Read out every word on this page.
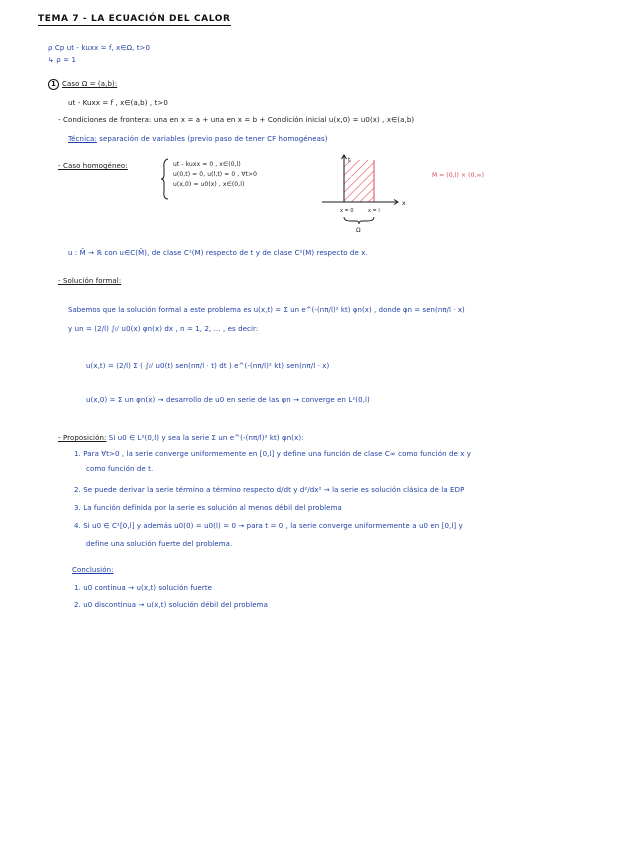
TEMA 7 - LA ECUACIÓN DEL CALOR
ρ Cp ut - kuxx = f, x∈Ω, t>0
↳ ρ = 1
1 Caso Ω = (a,b):
ut - Kuxx = f , x∈(a,b) , t>0
- Condiciones de frontera: una en x = a + una en x = b + Condición inicial u(x,0) = u0(x) , x∈(a,b)
Técnica: separación de variables (previo paso de tener CF homogéneas)
- Caso homogéneo:	ut - kuxx = 0 , x∈(0,l)
u(0,t) = 0, u(l,t) = 0 , ∀t>0
u(x,0) = u0(x) , x∈(0,l)
t
x
M
x = 0	x = l
Ω
M = (0,l) × (0,∞)
u : M̄ → ℝ con u∈C(M̄), de clase C¹(M) respecto de t y de clase C²(M) respecto de x.
- Solución formal:
Sabemos que la solución formal a este problema es u(x,t) = Σ un e^(-(nπ/l)² kt) φn(x) , donde φn = sen(nπ/l · x)
y un = (2/l) ∫₀ˡ u0(x) φn(x) dx , n = 1, 2, ... , es decir:
u(x,t) = (2/l) Σ ( ∫₀ˡ u0(t) sen(nπ/l · t) dt ) e^(-(nπ/l)² kt) sen(nπ/l · x)
u(x,0) = Σ un φn(x) → desarrollo de u0 en serie de las φn → converge en L²(0,l)
- Proposición: Si u0 ∈ L²(0,l) y sea la serie Σ un e^(-(nπ/l)² kt) φn(x):
1. Para ∀t>0 , la serie converge uniformemente en [0,l] y define una función de clase C∞ como función de x y
como función de t.
2. Se puede derivar la serie término a término respecto d/dt y d²/dx² → la serie es solución clásica de la EDP
3. La función definida por la serie es solución al menos débil del problema
4. Si u0 ∈ C¹[0,l] y además u0(0) = u0(l) = 0 → para t = 0 , la serie converge uniformemente a u0 en [0,l] y
define una solución fuerte del problema.
Conclusión:
1. u0 continua → u(x,t) solución fuerte
2. u0 discontinua → u(x,t) solución débil del problema
